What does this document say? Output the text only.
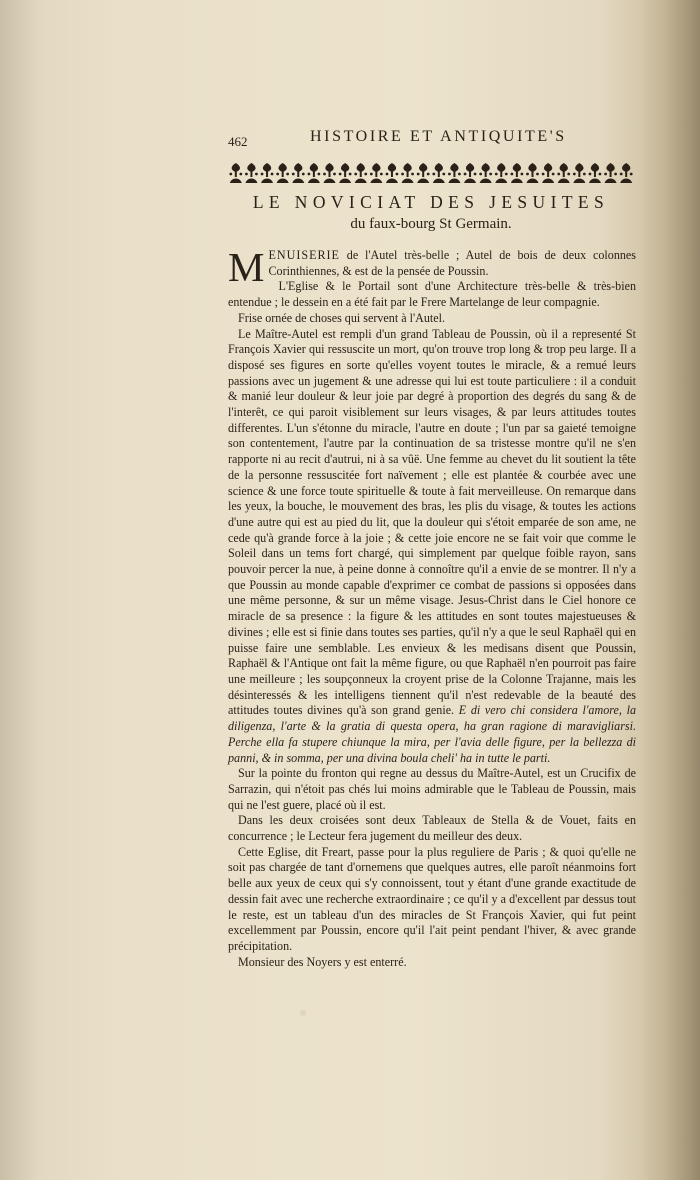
462	HISTOIRE ET ANTIQUITE'S
LE NOVICIAT DES JESUITES
du faux-bourg St Germain.

MENUISERIE de l'Autel très-belle ; Autel de bois de deux colonnes Corinthiennes, & est de la pensée de Poussin.

L'Eglise & le Portail sont d'une Architecture très-belle & très-bien entendue ; le dessein en a été fait par le Frere Martelange de leur compagnie.

Frise ornée de choses qui servent à l'Autel.

Le Maître-Autel est rempli d'un grand Tableau de Poussin, où il a representé St François Xavier qui ressuscite un mort, qu'on trouve trop long & trop peu large. Il a disposé ses figures en sorte qu'elles voyent toutes le miracle, & a remué leurs passions avec un jugement & une adresse qui lui est toute particuliere : il a conduit & manié leur douleur & leur joie par degré à proportion des degrés du sang & de l'interêt, ce qui paroit visiblement sur leurs visages, & par leurs attitudes toutes differentes. L'un s'étonne du miracle, l'autre en doute ; l'un par sa gaieté temoigne son contentement, l'autre par la continuation de sa tristesse montre qu'il ne s'en rapporte ni au recit d'autrui, ni à sa vûë. Une femme au chevet du lit soutient la tête de la personne ressuscitée fort naïvement ; elle est plantée & courbée avec une science & une force toute spirituelle & toute à fait merveilleuse. On remarque dans les yeux, la bouche, le mouvement des bras, les plis du visage, & toutes les actions d'une autre qui est au pied du lit, que la douleur qui s'étoit emparée de son ame, ne cede qu'à grande force à la joie ; & cette joie encore ne se fait voir que comme le Soleil dans un tems fort chargé, qui simplement par quelque foible rayon, sans pouvoir percer la nue, à peine donne à connoître qu'il a envie de se montrer. Il n'y a que Poussin au monde capable d'exprimer ce combat de passions si opposées dans une même personne, & sur un même visage. Jesus-Christ dans le Ciel honore ce miracle de sa presence : la figure & les attitudes en sont toutes majestueuses & divines ; elle est si finie dans toutes ses parties, qu'il n'y a que le seul Raphaël qui en puisse faire une semblable. Les envieux & les medisans disent que Poussin, Raphaël & l'Antique ont fait la même figure, ou que Raphaël n'en pourroit pas faire une meilleure ; les soupçonneux la croyent prise de la Colonne Trajanne, mais les désinteressés & les intelligens tiennent qu'il n'est redevable de la beauté des attitudes toutes divines qu'à son grand genie. E di vero chi considera l'amore, la diligenza, l'arte & la gratia di questa opera, ha gran ragione di maravigliarsi. Perche ella fa stupere chiunque la mira, per l'avia delle figure, per la bellezza di panni, & in somma, per una divina boula cheli' ha in tutte le parti.

Sur la pointe du fronton qui regne au dessus du Maître-Autel, est un Crucifix de Sarrazin, qui n'étoit pas chés lui moins admirable que le Tableau de Poussin, mais qui ne l'est guere, placé où il est.

Dans les deux croisées sont deux Tableaux de Stella & de Vouet, faits en concurrence ; le Lecteur fera jugement du meilleur des deux.

Cette Eglise, dit Freart, passe pour la plus reguliere de Paris ; & quoi qu'elle ne soit pas chargée de tant d'ornemens que quelques autres, elle paroît néanmoins fort belle aux yeux de ceux qui s'y connoissent, tout y étant d'une grande exactitude de dessin fait avec une recherche extraordinaire ; ce qu'il y a d'excellent par dessus tout le reste, est un tableau d'un des miracles de St François Xavier, qui fut peint excellemment par Poussin, encore qu'il l'ait peint pendant l'hiver, & avec grande précipitation.

Monsieur des Noyers y est enterré.
